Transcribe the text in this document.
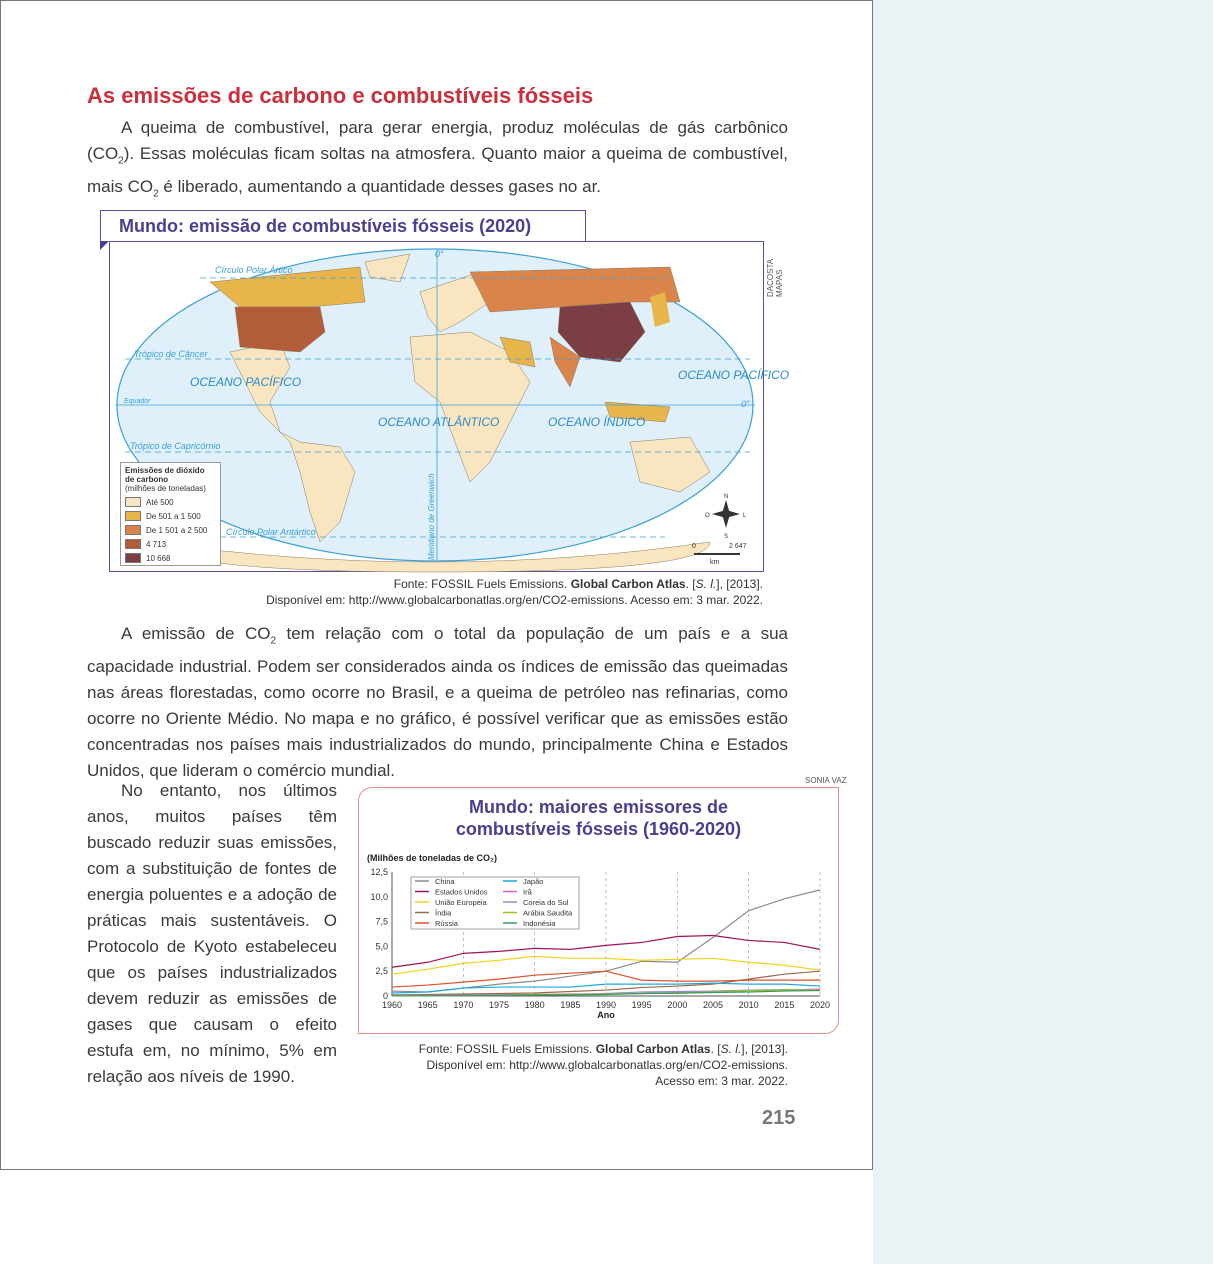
As emissões de carbono e combustíveis fósseis
A queima de combustível, para gerar energia, produz moléculas de gás carbônico $(CO_2)$. Essas moléculas ficam soltas na atmosfera. Quanto maior a queima de combustível, mais $CO_2$ é liberado, aumentando a quantidade desses gases no ar.
Mundo: emissão de combustíveis fósseis (2020)
Círculo Polar Ártico
Trópico de Câncer
Equador
Trópico de Capricórnio
Círculo Polar Antártico
0°
0°
Meridiano de Greenwich
OCEANO PACÍFICO
OCEANO ATLÂNTICO	OCEANO ÍNDICO
OCEANO PACÍFICO
N
S
L
O
0	2 647
km
Emissões de dióxido de carbono
(milhões de toneladas)
Até 500
De 501 a 1 500
De 1 501 a 2 500
4 713
10 668
DACOSTA MAPAS
Fonte: FOSSIL Fuels Emissions. Global Carbon Atlas. [S. l.], [2013].
Disponível em: http://www.globalcarbonatlas.org/en/CO2-emissions. Acesso em: 3 mar. 2022.
A emissão de $CO_2$ tem relação com o total da população de um país e a sua capacidade industrial. Podem ser considerados ainda os índices de emissão das queimadas nas áreas florestadas, como ocorre no Brasil, e a queima de petróleo nas refinarias, como ocorre no Oriente Médio. No mapa e no gráfico, é possível verificar que as emissões estão concentradas nos países mais industrializados do mundo, principalmente China e Estados Unidos, que lideram o comércio mundial.
No entanto, nos últimos anos, muitos países têm buscado reduzir suas emissões, com a substituição de fontes de energia poluentes e a adoção de práticas mais sustentáveis. O Protocolo de Kyoto estabeleceu que os países industrializados devem reduzir as emissões de gases que causam o efeito estufa em, no mínimo, 5% em relação aos níveis de 1990.
SONIA VAZ
Mundo: maiores emissores de combustíveis fósseis (1960-2020)
(Milhões de toneladas de CO₂)
0
2,5
5,0
7,5
10,0
12,5
1960 1965 1970 1975 1980 1985 1990 1995 2000 2005 2010 2015 2020
Ano
China
Estados Unidos
União Europeia
Índia
Rússia
Japão
Irã
Coreia do Sul
Arábia Saudita
Indonésia
Fonte: FOSSIL Fuels Emissions. Global Carbon Atlas. [S. l.], [2013].
Disponível em: http://www.globalcarbonatlas.org/en/CO2-emissions.
Acesso em: 3 mar. 2022.
215
